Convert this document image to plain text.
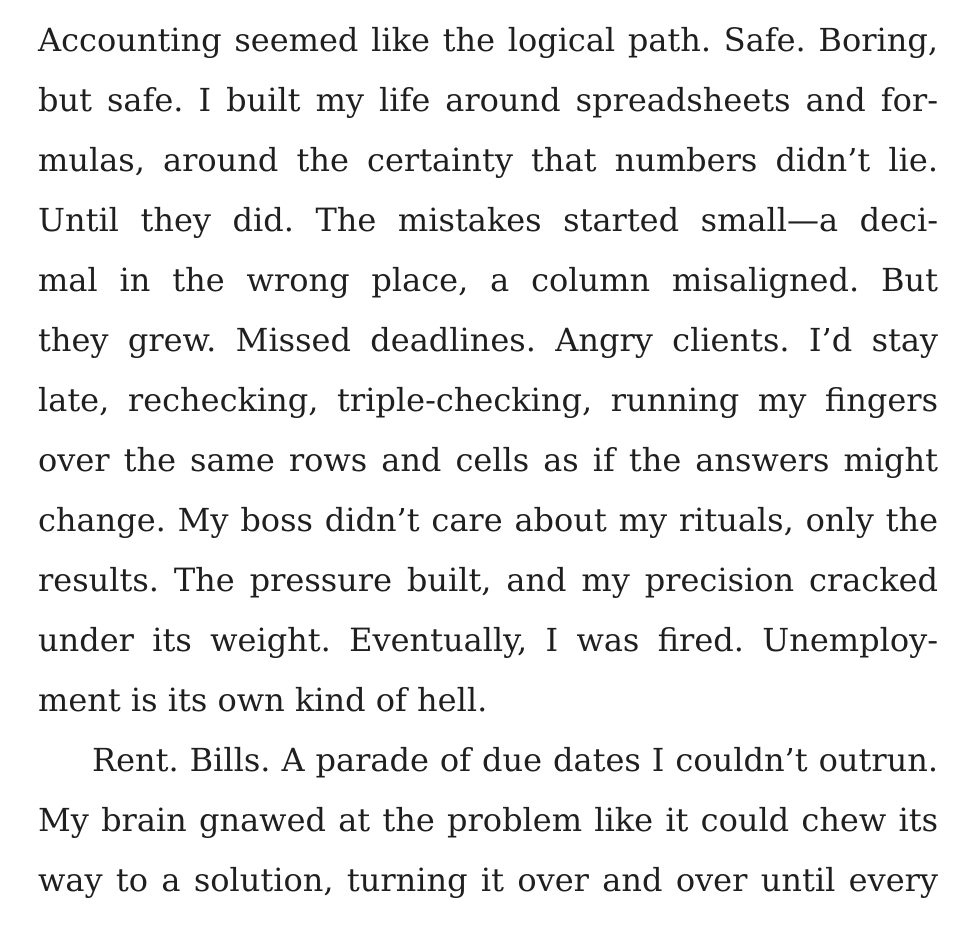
Accounting seemed like the logical path. Safe. Boring,
but safe. I built my life around spreadsheets and for-
mulas, around the certainty that numbers didn’t lie.
Until they did. The mistakes started small—a deci-
mal in the wrong place, a column misaligned. But
they grew. Missed deadlines. Angry clients. I’d stay
late, rechecking, triple-checking, running my fingers
over the same rows and cells as if the answers might
change. My boss didn’t care about my rituals, only the
results. The pressure built, and my precision cracked
under its weight. Eventually, I was fired. Unemploy-
ment is its own kind of hell.
Rent. Bills. A parade of due dates I couldn’t outrun.
My brain gnawed at the problem like it could chew its
way to a solution, turning it over and over until every
